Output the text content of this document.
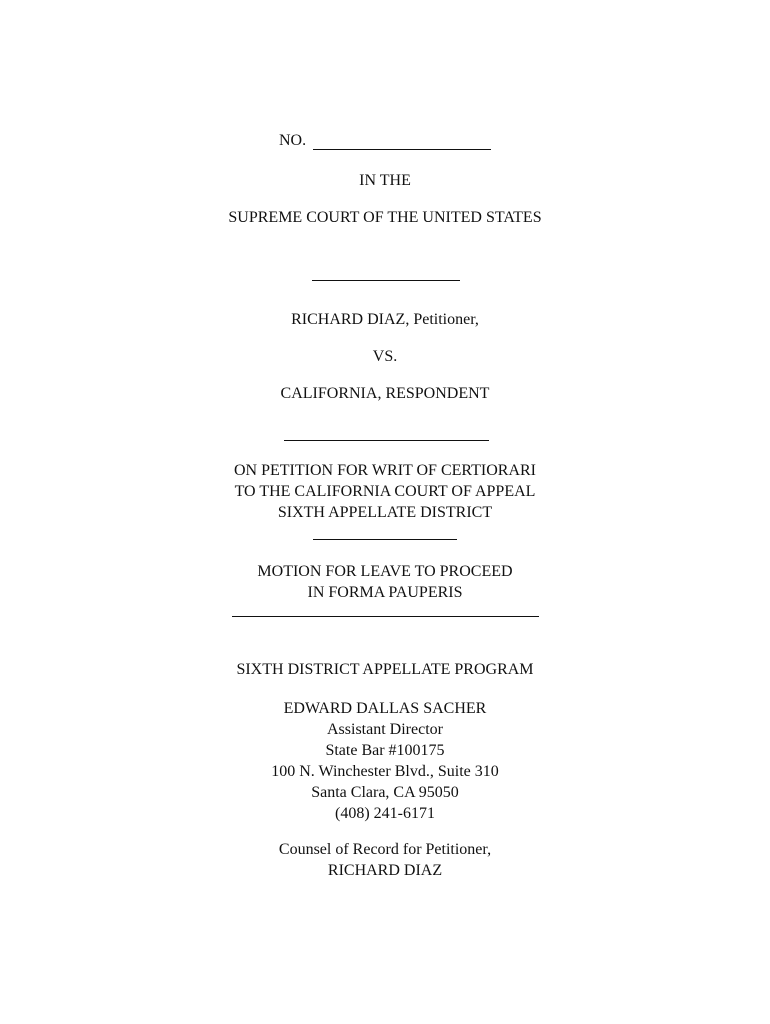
NO.
IN THE
SUPREME COURT OF THE UNITED STATES
RICHARD DIAZ, Petitioner,
VS.
CALIFORNIA, RESPONDENT
ON PETITION FOR WRIT OF CERTIORARI
TO THE CALIFORNIA COURT OF APPEAL
SIXTH APPELLATE DISTRICT
MOTION FOR LEAVE TO PROCEED
IN FORMA PAUPERIS
SIXTH DISTRICT APPELLATE PROGRAM
EDWARD DALLAS SACHER
Assistant Director
State Bar #100175
100 N. Winchester Blvd., Suite 310
Santa Clara, CA 95050
(408) 241-6171
Counsel of Record for Petitioner,
RICHARD DIAZ
